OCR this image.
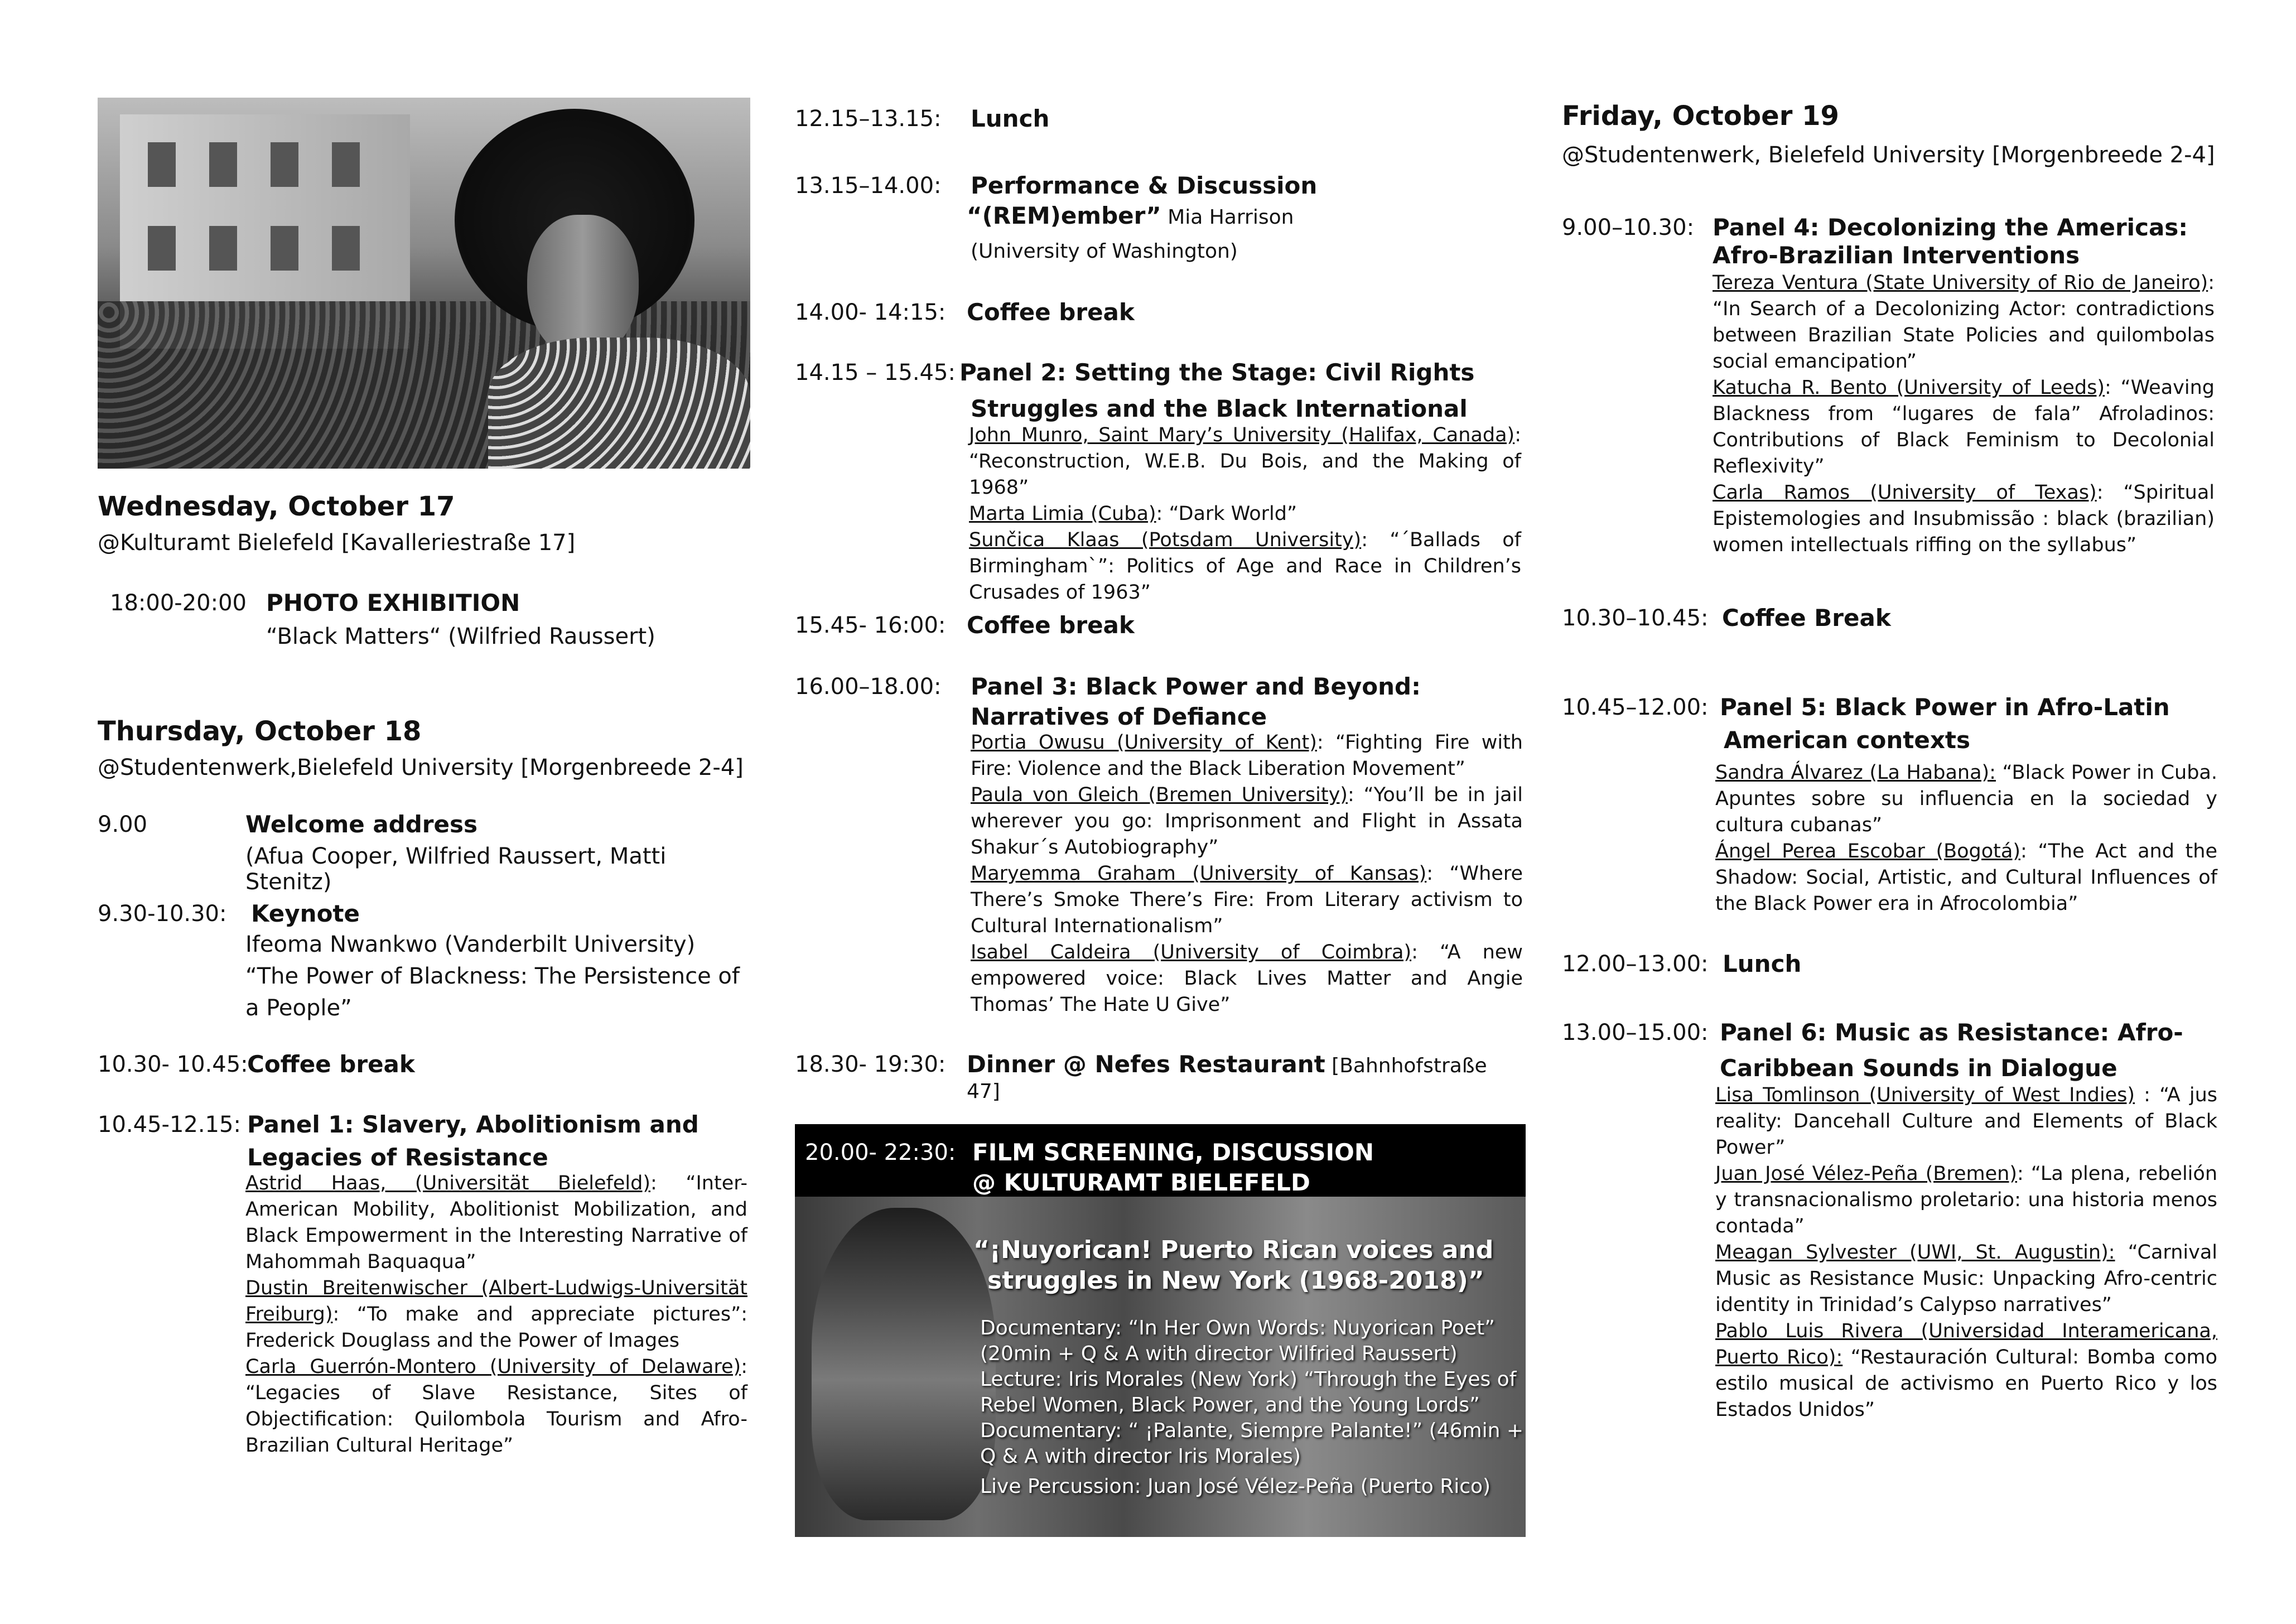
Wednesday, October 17
@Kulturamt Bielefeld [Kavalleriestraße 17]
18:00-20:00 PHOTO EXHIBITION
“Black Matters“ (Wilfried Raussert)
Thursday, October 18
@Studentenwerk,Bielefeld University [Morgenbreede 2-4]
9.00	Welcome address
(Afua Cooper, Wilfried Raussert, Matti Stenitz)
9.30-10.30: Keynote
Ifeoma Nwankwo (Vanderbilt University)
“The Power of Blackness: The Persistence of
a People”
10.30- 10.45:
Coffee break
10.45-12.15: Panel 1: Slavery, Abolitionism and
Legacies of Resistance

Astrid Haas, (Universität Bielefeld): “Inter-American Mobility, Abolitionist Mobilization, and Black Empowerment in the Interesting Narrative of Mahommah Baquaqua”

Dustin Breitenwischer (Albert-Ludwigs-Universität Freiburg): “To make and appreciate pictures”: Frederick Douglass and the Power of Images

Carla Guerrón-Montero (University of Delaware): “Legacies of Slave Resistance, Sites of Objectification: Quilombola Tourism and Afro-Brazilian Cultural Heritage”

12.15–13.15: Lunch
13.15–14.00: Performance & Discussion
“(REM)ember” Mia Harrison
(University of Washington)
14.00- 14:15: Coffee break
14.15 – 15.45: Panel 2: Setting the Stage: Civil Rights
Struggles and the Black International

John Munro, Saint Mary’s University (Halifax, Canada): “Reconstruction, W.E.B. Du Bois, and the Making of 1968”

Marta Limia (Cuba): “Dark World”

Sunčica Klaas (Potsdam University): “´Ballads of Birmingham`”: Politics of Age and Race in Children’s Crusades of 1963”

15.45- 16:00: Coffee break
16.00–18.00: Panel 3: Black Power and Beyond:
Narratives of Defiance

Portia Owusu (University of Kent): “Fighting Fire with Fire: Violence and the Black Liberation Movement”

Paula von Gleich (Bremen University): “You’ll be in jail wherever you go: Imprisonment and Flight in Assata Shakur´s Autobiography”

Maryemma Graham (University of Kansas): “Where There’s Smoke There’s Fire: From Literary activism to Cultural Internationalism”

Isabel Caldeira (University of Coimbra): “A new empowered voice: Black Lives Matter and Angie Thomas’ The Hate U Give”

18.30- 19:30: Dinner @ Nefes Restaurant [Bahnhofstraße 47]
20.00- 22:30: FILM SCREENING, DISCUSSION
@ KULTURAMT BIELEFELD
“¡Nuyorican! Puerto Rican voices and
struggles in New York (1968-2018)”
Documentary: “In Her Own Words: Nuyorican Poet”
(20min + Q & A with director Wilfried Raussert)
Lecture: Iris Morales (New York) “Through the Eyes of
Rebel Women, Black Power, and the Young Lords”
Documentary: “ ¡Palante, Siempre Palante!” (46min +
Q & A with director Iris Morales)
Live Percussion: Juan José Vélez-Peña (Puerto Rico)
Friday, October 19
@Studentenwerk, Bielefeld University [Morgenbreede 2-4]
9.00–10.30: Panel 4: Decolonizing the Americas:
Afro-Brazilian Interventions

Tereza Ventura (State University of Rio de Janeiro): “In Search of a Decolonizing Actor: contradictions between Brazilian State Policies and quilombolas social emancipation”

Katucha R. Bento (University of Leeds): “Weaving Blackness from “lugares de fala” Afroladinos: Contributions of Black Feminism to Decolonial Reflexivity”

Carla Ramos (University of Texas): “Spiritual Epistemologies and Insubmissão : black (brazilian) women intellectuals riffing on the syllabus”

10.30–10.45: Coffee Break
10.45–12.00: Panel 5: Black Power in Afro-Latin
American contexts

Sandra Álvarez (La Habana): “Black Power in Cuba. Apuntes sobre su influencia en la sociedad y cultura cubanas”

Ángel Perea Escobar (Bogotá): “The Act and the Shadow: Social, Artistic, and Cultural Influences of the Black Power era in Afrocolombia”

12.00–13.00: Lunch
13.00–15.00: Panel 6: Music as Resistance: Afro-
Caribbean Sounds in Dialogue

Lisa Tomlinson (University of West Indies) : “A jus reality: Dancehall Culture and Elements of Black Power”

Juan José Vélez-Peña (Bremen): “La plena, rebelión y transnacionalismo proletario: una historia menos contada”

Meagan Sylvester (UWI, St. Augustin): “Carnival Music as Resistance Music: Unpacking Afro-centric identity in Trinidad’s Calypso narratives”

Pablo Luis Rivera (Universidad Interamericana, Puerto Rico): “Restauración Cultural: Bomba como estilo musical de activismo en Puerto Rico y los Estados Unidos”
